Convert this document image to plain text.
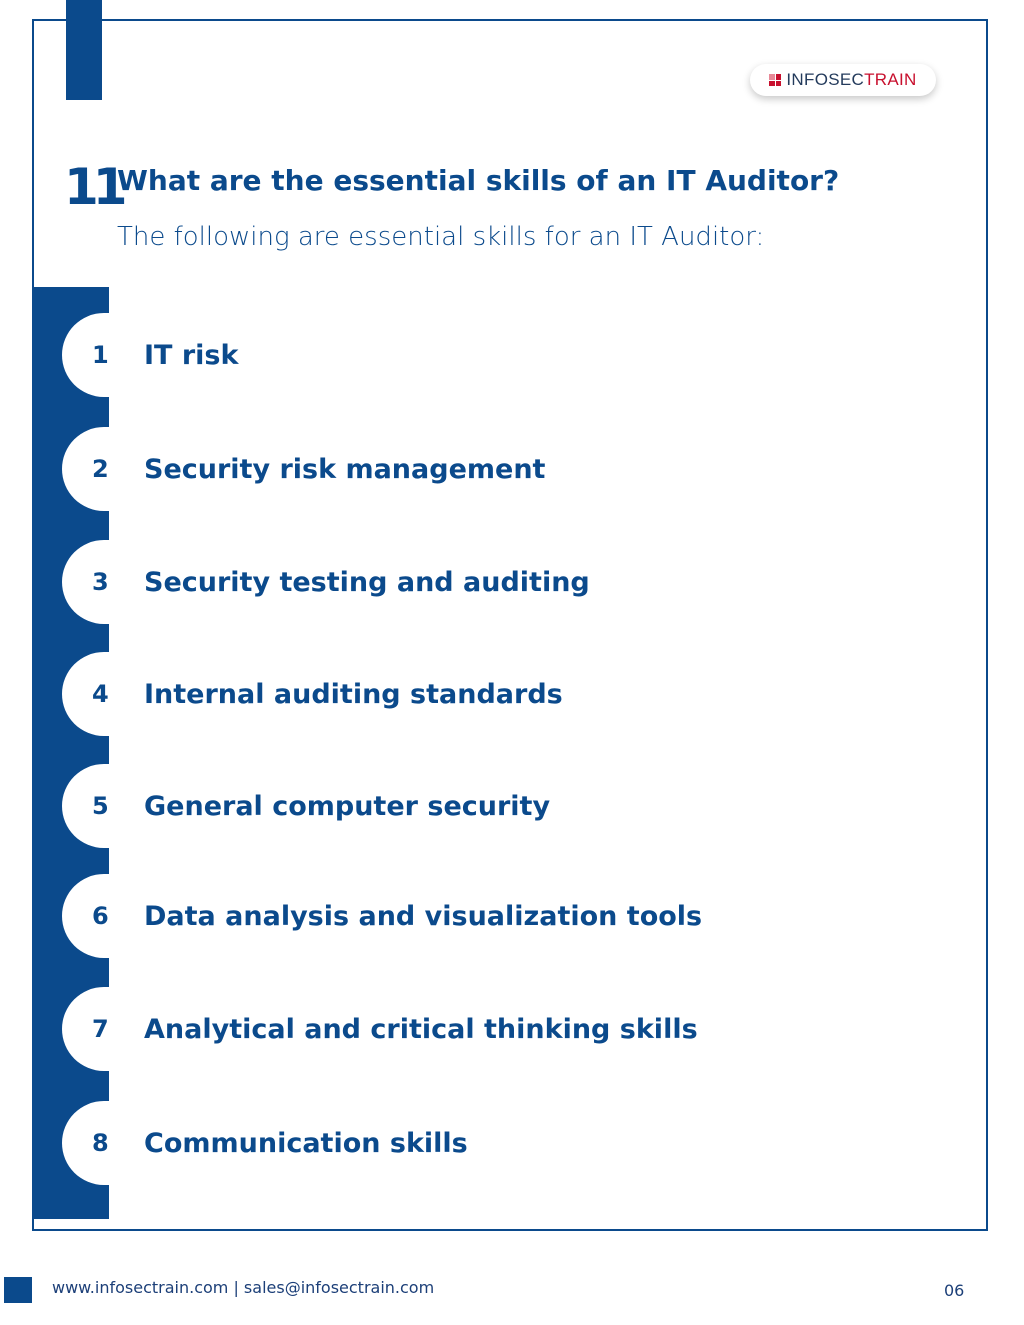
INFOSECTRAIN
11
What are the essential skills of an IT Auditor?
The following are essential skills for an IT Auditor:
1 IT risk
2 Security risk management
3 Security testing and auditing
4 Internal auditing standards
5 General computer security
6 Data analysis and visualization tools
7 Analytical and critical thinking skills
8 Communication skills
www.infosectrain.com | sales@infosectrain.com	06
